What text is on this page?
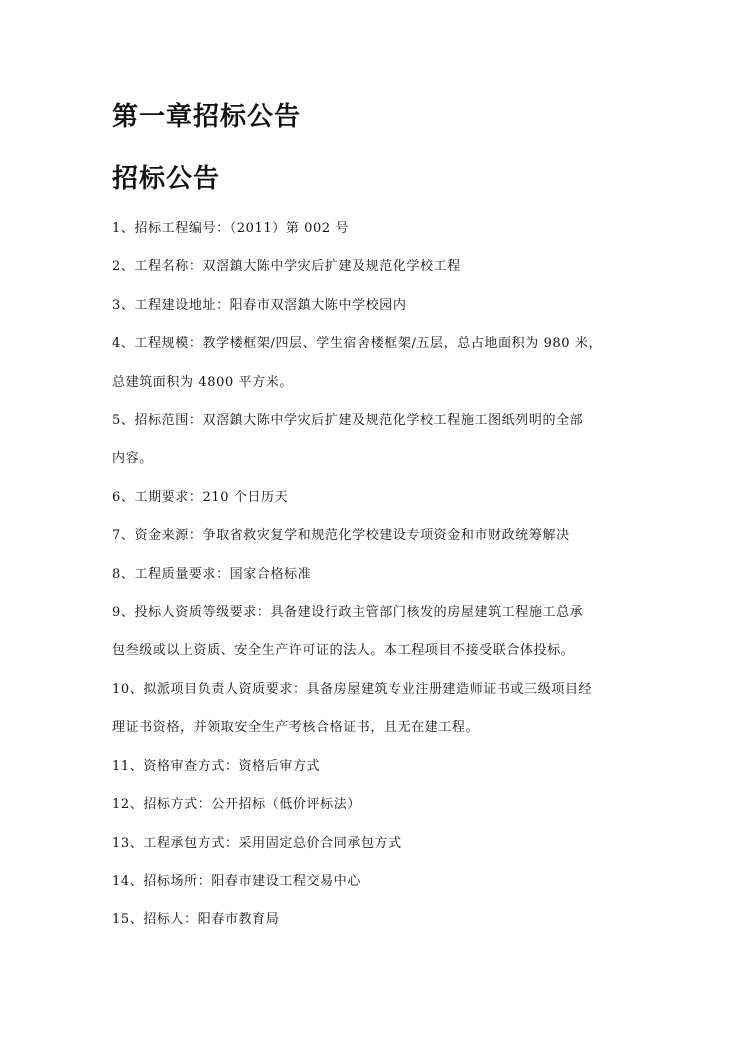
第一章招标公告
招标公告
1、招标工程编号：（2011）第 002 号
2、工程名称：双滘鎮大陈中学灾后扩建及规范化学校工程
3、工程建设地址：阳春市双滘鎮大陈中学校园内
4、工程规模：教学楼框架/四层、学生宿舍楼框架/五层，总占地面积为 980 米，
总建筑面积为 4800 平方米。
5、招标范围：双滘鎮大陈中学灾后扩建及规范化学校工程施工图纸列明的全部
内容。
6、工期要求：210 个日历天
7、资金来源：争取省救灾复学和规范化学校建设专项资金和市财政统筹解决
8、工程质量要求：国家合格标准
9、投标人资质等级要求：具备建设行政主管部门核发的房屋建筑工程施工总承
包叁级或以上资质、安全生产许可证的法人。本工程项目不接受联合体投标。
10、拟派项目负责人资质要求：具备房屋建筑专业注册建造师证书或三级项目经
理证书资格，并领取安全生产考核合格证书，且无在建工程。
11、资格审查方式：资格后审方式
12、招标方式：公开招标（低价评标法）
13、工程承包方式：采用固定总价合同承包方式
14、招标场所：阳春市建设工程交易中心
15、招标人：阳春市教育局
